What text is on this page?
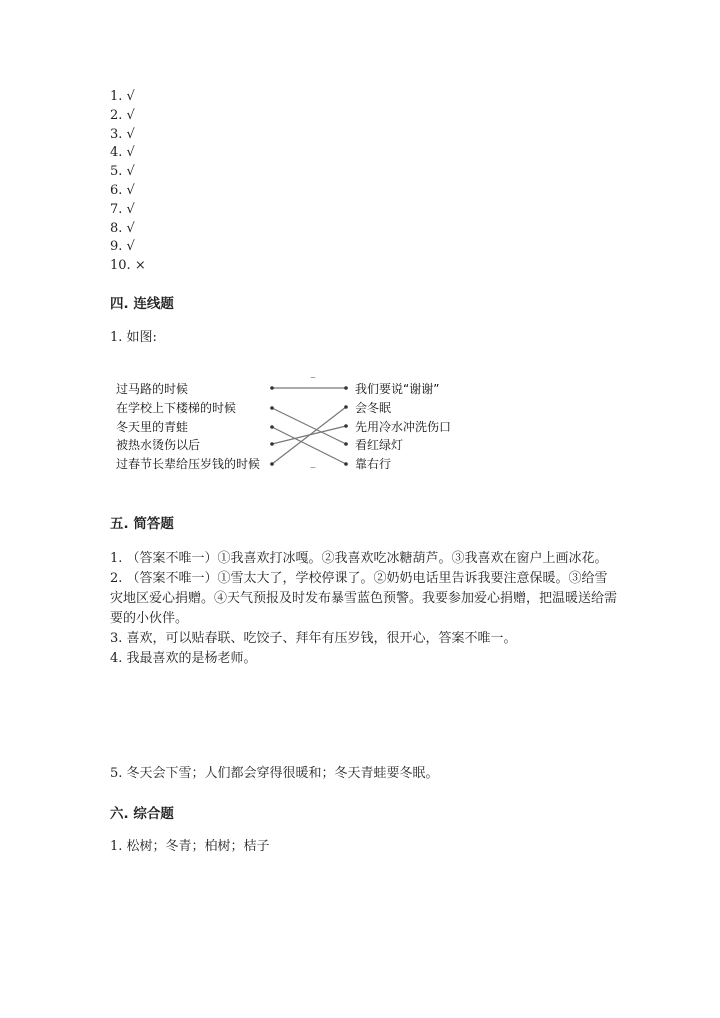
1. √
2. √
3. √
4. √
5. √
6. √
7. √
8. √
9. √
10. ×
四. 连线题

1. 如图:

过马路的时候
在学校上下楼梯的时候
冬天里的青蛙
被热水烫伤以后
过春节长辈给压岁钱的时候
我们要说“谢谢”
会冬眠
先用冷水冲洗伤口
看红绿灯
靠右行
–
–
五. 简答题

1. （答案不唯一）①我喜欢打冰嘎。②我喜欢吃冰糖葫芦。③我喜欢在窗户上画冰花。

2. （答案不唯一）①雪太大了，学校停课了。②奶奶电话里告诉我要注意保暖。③给雪灾地区爱心捐赠。④天气预报及时发布暴雪蓝色预警。我要参加爱心捐赠，把温暖送给需要的小伙伴。

3. 喜欢，可以贴春联、吃饺子、拜年有压岁钱，很开心，答案不唯一。

4. 我最喜欢的是杨老师。

5. 冬天会下雪；人们都会穿得很暖和；冬天青蛙要冬眠。

六. 综合题

1. 松树；冬青；柏树；桔子
